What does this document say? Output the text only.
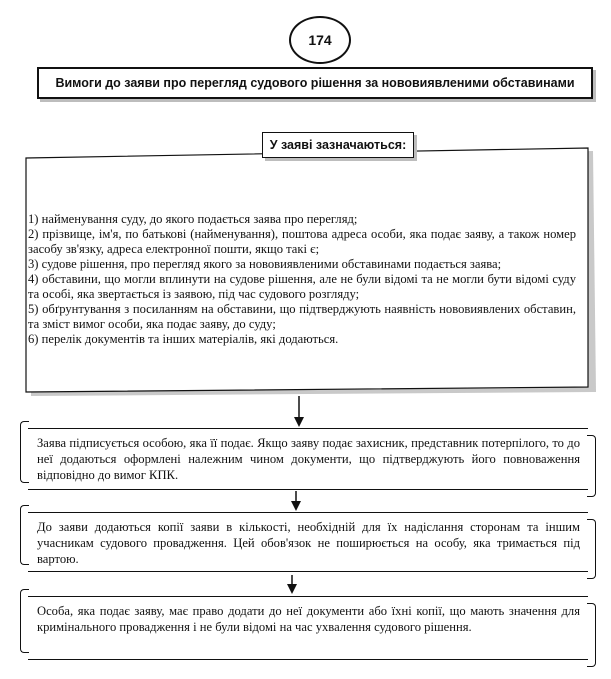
174
Вимоги до заяви про перегляд судового рішення за нововиявленими обставинами
У заяві зазначаються:

1) найменування суду, до якого подається заява про перегляд;

2) прізвище, ім'я, по батькові (найменування), поштова адреса особи, яка подає заяву, а також номер засобу зв'язку, адреса електронної пошти, якщо такі є;

3) судове рішення, про перегляд якого за нововиявленими обставинами подається заява;

4) обставини, що могли вплинути на судове рішення, але не були відомі та не могли бути відомі суду та особі, яка звертається із заявою, під час судового розгляду;

5) обґрунтування з посиланням на обставини, що підтверджують наявність нововиявлених обставин, та зміст вимог особи, яка подає заяву, до суду;

6) перелік документів та інших матеріалів, які додаються.

Заява підписується особою, яка її подає. Якщо заяву подає захисник, представник потерпілого, то до неї додаються оформлені належним чином документи, що підтверджують його повноваження відповідно до вимог КПК.
До заяви додаються копії заяви в кількості, необхідній для їх надіслання сторонам та іншим учасникам судового провадження. Цей обов'язок не поширюється на особу, яка тримається під вартою.
Особа, яка подає заяву, має право додати до неї документи або їхні копії, що мають значення для кримінального провадження і не були відомі на час ухвалення судового рішення.
